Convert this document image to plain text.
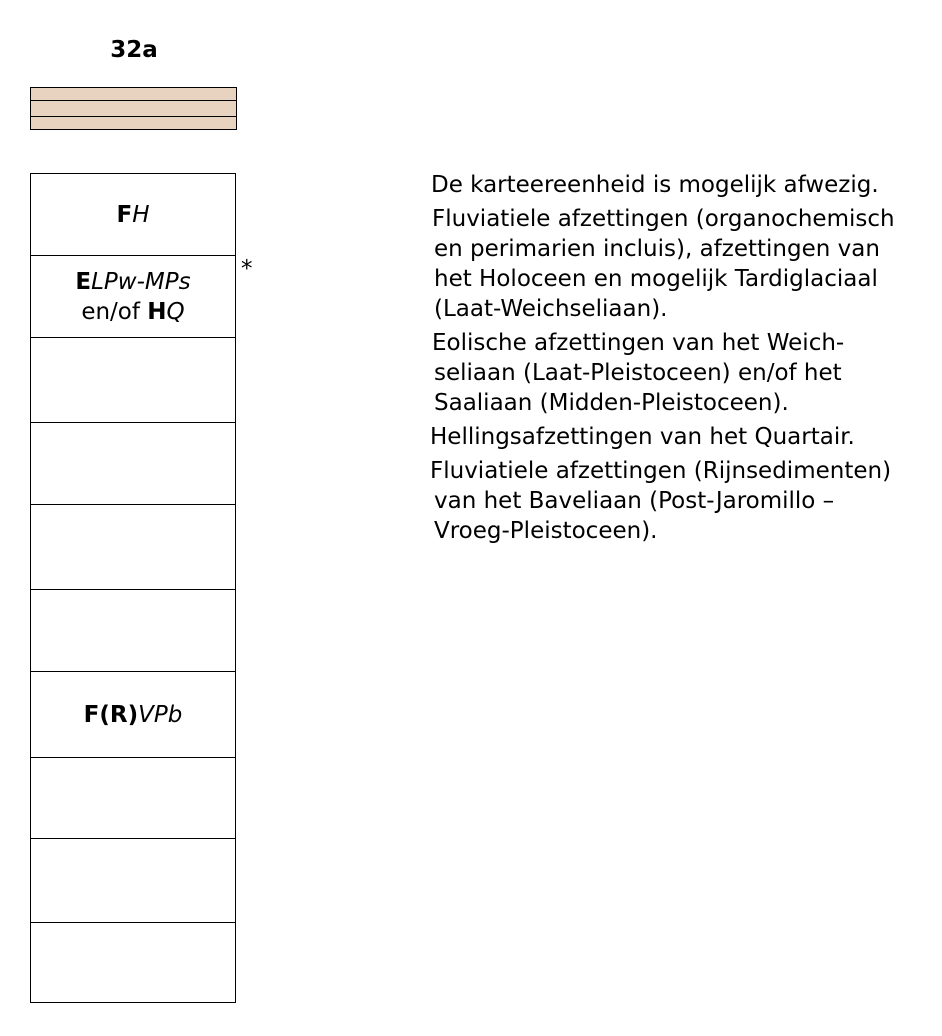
32a
FH
ELPw-MPs
en/of HQ
F(R)VPb
*
De karteereenheid is mogelijk afwezig.
Fluviatiele afzettingen (organochemisch
en perimarien incluis), afzettingen van
het Holoceen en mogelijk Tardiglaciaal
(Laat-Weichseliaan).
Eolische afzettingen van het Weich-
seliaan (Laat-Pleistoceen) en/of het
Saaliaan (Midden-Pleistoceen).
Hellingsafzettingen van het Quartair.
Fluviatiele afzettingen (Rijnsedimenten)
van het Baveliaan (Post-Jaromillo –
Vroeg-Pleistoceen).
